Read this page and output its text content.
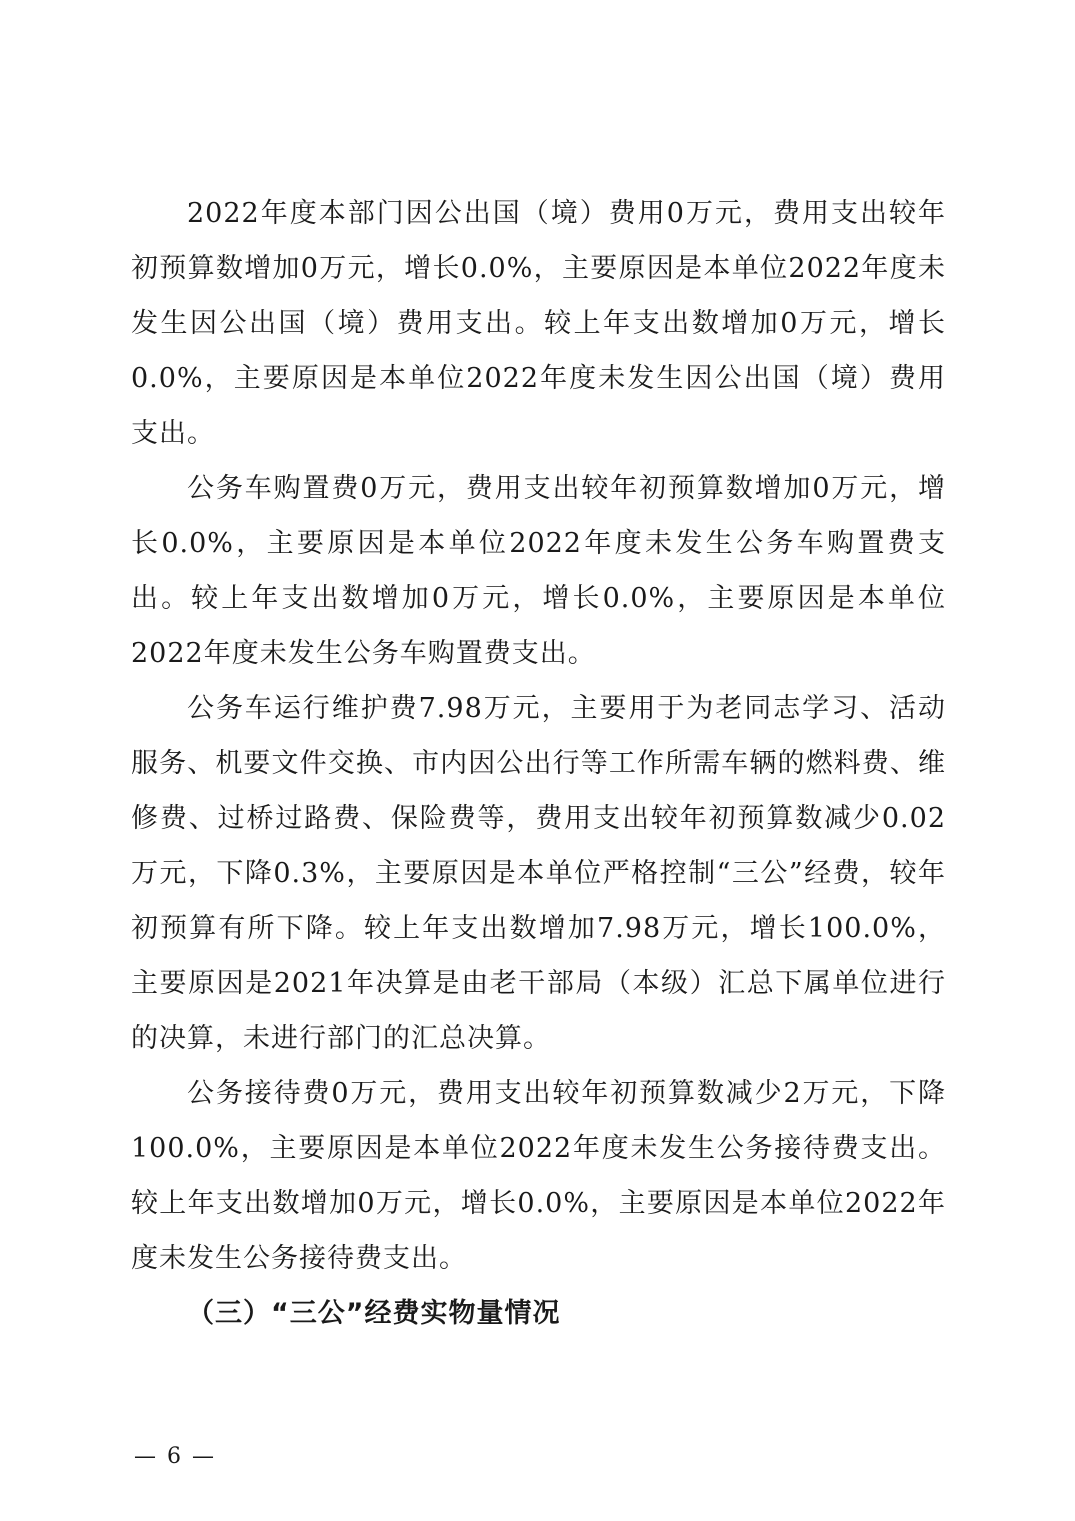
2022年度本部门因公出国（境）费用0万元，费用支出较年初预算数增加0万元，增长0.0%，主要原因是本单位2022年度未发生因公出国（境）费用支出。较上年支出数增加0万元，增长0.0%，主要原因是本单位2022年度未发生因公出国（境）费用支出。

公务车购置费0万元，费用支出较年初预算数增加0万元，增长0.0%，主要原因是本单位2022年度未发生公务车购置费支出。较上年支出数增加0万元，增长0.0%，主要原因是本单位2022年度未发生公务车购置费支出。

公务车运行维护费7.98万元，主要用于为老同志学习、活动服务、机要文件交换、市内因公出行等工作所需车辆的燃料费、维修费、过桥过路费、保险费等，费用支出较年初预算数减少0.02万元，下降0.3%，主要原因是本单位严格控制“三公”经费，较年初预算有所下降。较上年支出数增加7.98万元，增长100.0%，主要原因是2021年决算是由老干部局（本级）汇总下属单位进行的决算，未进行部门的汇总决算。

公务接待费0万元，费用支出较年初预算数减少2万元，下降100.0%，主要原因是本单位2022年度未发生公务接待费支出。较上年支出数增加0万元，增长0.0%，主要原因是本单位2022年度未发生公务接待费支出。

（三）“三公”经费实物量情况

— 6 —
